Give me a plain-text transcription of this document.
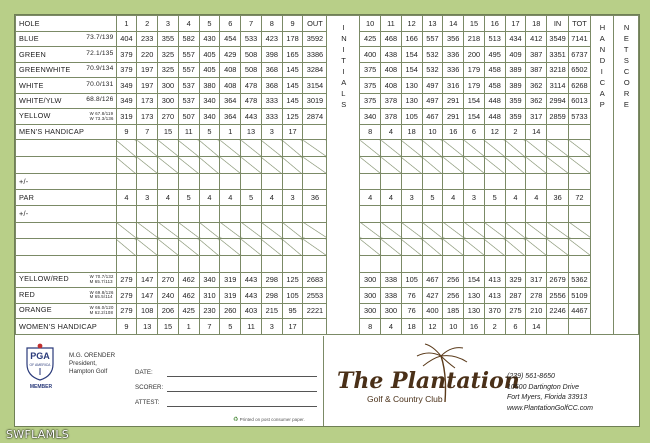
HOLE	1	2	3	4	5	6	7	8	9	OUT	INITIALS	10	11	12	13	14	15	16	17	18	IN	TOT	HANDICAP	NET SCORE

BLUE 73.7/139	404	233	355	582	430	454	533	423	178	3592		425	468	166	557	356	218	513	434	412	3549	7141		

GREEN 72.1/135	379	220	325	557	405	429	508	398	165	3386		400	438	154	532	336	200	495	409	387	3351	6737		

GREENWHITE 70.9/134	379	197	325	557	405	408	508	368	145	3284		375	408	154	532	336	179	458	389	387	3218	6502		

WHITE 70.0/131	349	197	300	537	380	408	478	368	145	3154		375	408	130	497	316	179	458	389	362	3114	6268		

WHITE/YLW 68.8/126	349	173	300	537	340	364	478	333	145	3019		375	378	130	497	291	154	448	359	362	2994	6013		

YELLOW W 67.8/119
W 73.3/136	319	173	270	507	340	364	443	333	125	2874		340	378	105	467	291	154	448	359	317	2859	5733		
MEN'S HANDICAP	9	7	15	11	5	1	13	3	17			8	4	18	10	16	6	12	2	14				

+/-																								
PAR	4	3	4	5	4	4	5	4	3	36		4	4	3	5	4	3	5	4	4	36	72		
+/-																								

YELLOW/RED W 70.7/132
M 65.7/113	279	147	270	462	340	319	443	298	125	2683		300	338	105	467	256	154	413	329	317	2679	5362		

RED W 69.8/126
M 65.5/114	279	147	240	462	310	319	443	298	105	2553		300	338	76	427	256	130	413	287	278	2556	5109		

ORANGE W 66.0/120
M 62.2/108	279	108	206	425	230	260	403	215	95	2221		300	300	76	400	185	130	370	275	210	2246	4467		
WOMEN'S HANDICAP	9	13	15	1	7	5	11	3	17			8	4	18	12	10	16	2	6	14				
PGA
OF AMERICA
MEMBER
M.G. ORENDER
President,
Hampton Golf	DATE:
SCORER:
ATTEST:
♻ Printed on post consumer paper.
The Plantation
Golf & Country Club
(239) 561-8650
10500 Dartington Drive
Fort Myers, Florida 33913
www.PlantationGolfCC.com
SWFLAMLS
